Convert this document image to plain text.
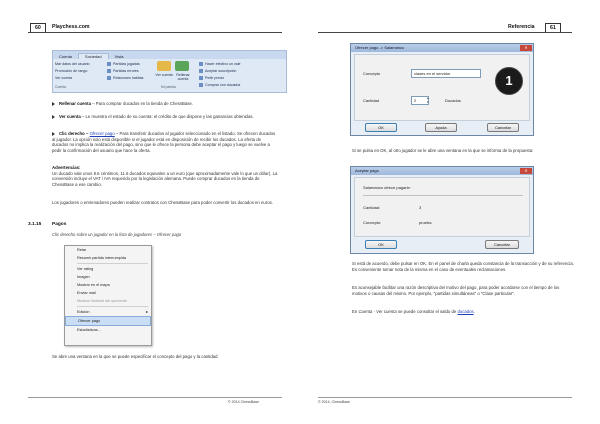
60	Playchess.com
Cuenta	Sociedad	Vista
Mar datos del usuario
Promoción de rango
Ver cuenta
Partidas jugadas
Partidas errores
Relaciones habitas
Ver cuenta	Rellenar cuenta
Hacer efectivo un vale
Aceptar suscripción
Pedir precio
Comprar con ducados
Cuenta	Mi partida
Rellenar cuenta – Para comprar ducados en la tienda de ChessBase.
Ver cuenta – Le muestra el estado de su cuenta: el crédito de que dispone y las ganancias obtenidas.
Clic derecho – Ofrecer pago – Para transferir ducados al jugador seleccionado en el listado. Se ofrecen ducados al jugador. La opción solo está disponible si el jugador está en disposición de recibir los ducados. La oferta de ducados no implica la realización del pago, sino que le ofrece la persona debe aceptar el pago y luego se vuelve a pedir la confirmación del usuario que hace la oferta.
Advertencias:
Un ducado vale unos 8.6 céntimos, 11.6 ducados equivalen a un euro (que aproximadamente vale lo que un dólar). La conversión incluye el VAT / IVA requerido por la legislación alemana. Puede comprar ducados en la tienda de ChessBase a ese cambio.
Los jugadores o entrenadores pueden realizar contratos con ChessBase para poder convertir los ducados en euros.
3.1.15 Pagos
Clic derecho sobre un jugador en la lista de jugadores – Ofrecer pago
Retar
Resumir partida interrumpida
Ver rating
Imagen
Mostrar en el mapa
Enviar mail
Mostrar historial del oponente
Edición	▸
Ofrecer pago
Estadísticas...
Se abre una ventana en la que se puede especificar el concepto del pago y la cantidad
© 2014 ChessBase
Referencia	61
Ofrecer pago -> Salamanco	✕
Concepto	clases en el servidor
Cantidad	2	▴
▾	Ducados
1
OK	Ayuda	Cancelar
Si se pulsa en OK, al otro jugador se le abre una ventana en la que se informa de la propuesta:
Aceptar pago	✕
Salamanco ofrece pagarle:
Cantidad:	3
Concepto:	prueba
OK	Cancelar
Si está de acuerdo, debe pulsar en OK. En el panel de charla queda constancia de la transacción y de su referencia. Es conveniente tomar nota de la misma en el caso de eventuales reclamaciones.
Es aconsejable facilitar una razón descriptiva del motivo del pago, para poder acordarse con el tiempo de los motivos o causas del mismo. Por ejemplo, "partidas simultáneas" o "Clase particular".
En Cuenta - Ver cuenta se puede consultar el saldo de ducados.
© 2014, ChessBase
